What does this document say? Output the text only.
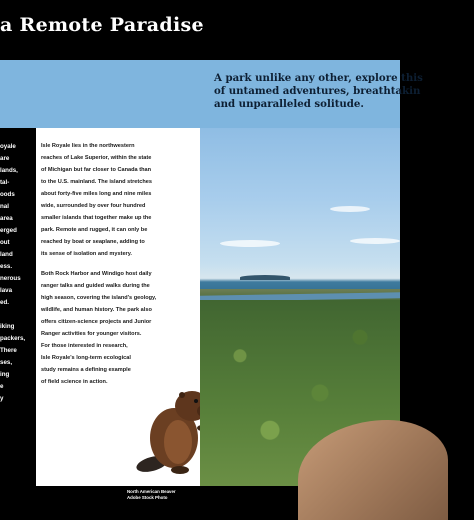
a Remote Paradise
A park unlike any other, explore this
of untamed adventures, breathtakin
and unparalleled solitude.
oyale
are
lands,
tal-
oods
nal
area
erged
out
land
ess.
nerous
lava
ed.
iking
packers,
There
ses,
ing
e
y
Isle Royale lies in the northwestern
reaches of Lake Superior, within the state
of Michigan but far closer to Canada than
to the U.S. mainland. The island stretches
about forty-five miles long and nine miles
wide, surrounded by over four hundred
smaller islands that together make up the
park. Remote and rugged, it can only be
reached by boat or seaplane, adding to
its sense of isolation and mystery.
Both Rock Harbor and Windigo host daily
ranger talks and guided walks during the
high season, covering the island's geology,
wildlife, and human history. The park also
offers citizen-science projects and Junior
Ranger activities for younger visitors.
For those interested in research,
Isle Royale's long-term ecological
study remains a defining example
of field science in action.
North American Beaver
Adobe Stock Photo
